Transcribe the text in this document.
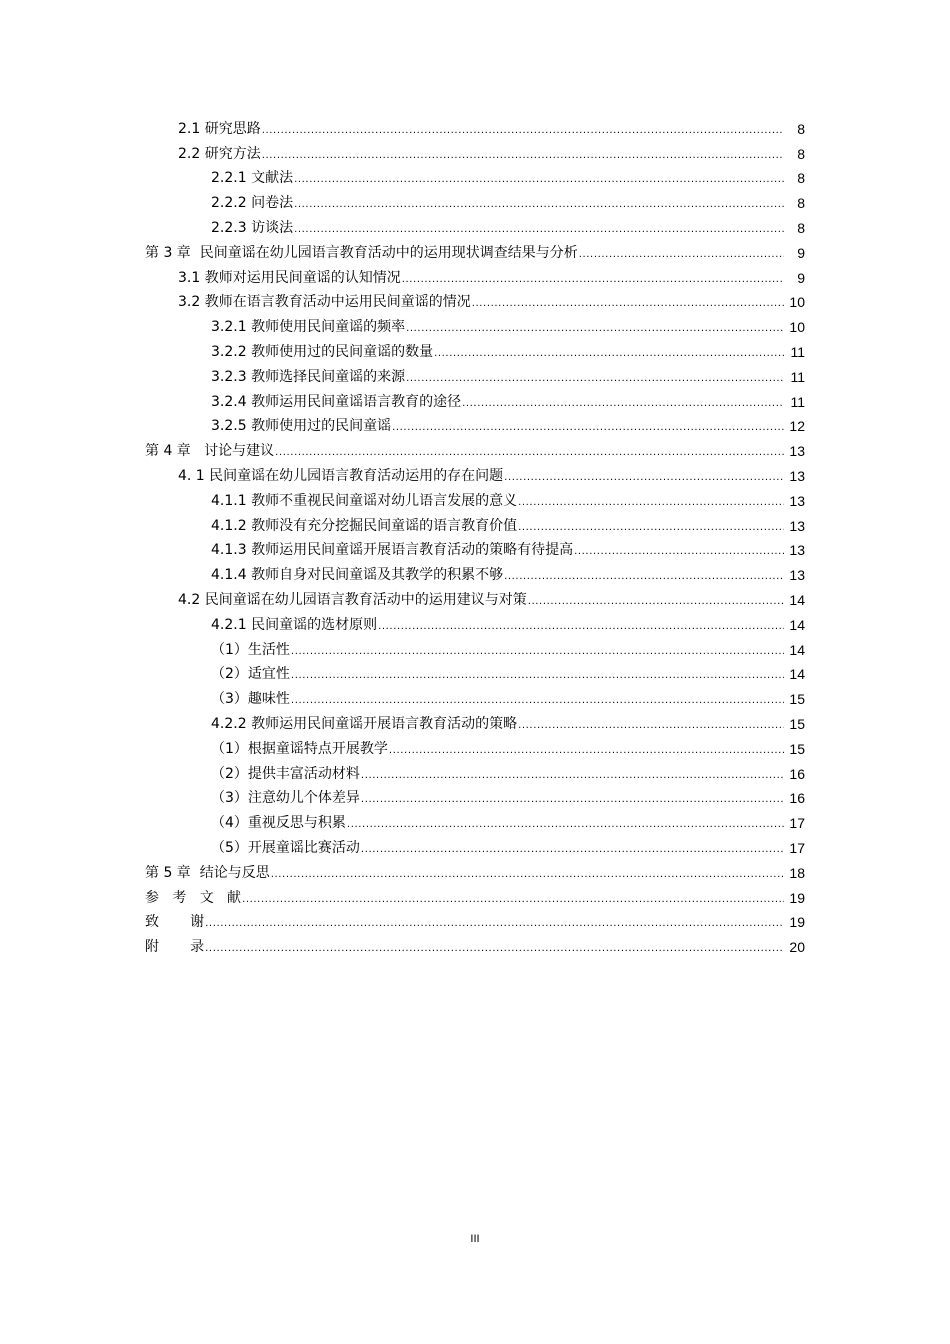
2.1 研究思路 .....	8
2.2 研究方法 .....	8
2.2.1 文献法 .....	8
2.2.2 问卷法 .....	8
2.2.3 访谈法 .....	8
第 3 章  民间童谣在幼儿园语言教育活动中的运用现状调查结果与分析 .....	9
3.1 教师对运用民间童谣的认知情况 .....	9
3.2 教师在语言教育活动中运用民间童谣的情况 .....	10
3.2.1 教师使用民间童谣的频率 .....	10
3.2.2 教师使用过的民间童谣的数量 .....	11
3.2.3 教师选择民间童谣的来源 .....	11
3.2.4 教师运用民间童谣语言教育的途径 .....	11
3.2.5 教师使用过的民间童谣 .....	12
第 4 章   讨论与建议 .....	13
4. 1 民间童谣在幼儿园语言教育活动运用的存在问题 .....	13
4.1.1 教师不重视民间童谣对幼儿语言发展的意义 .....	13
4.1.2 教师没有充分挖掘民间童谣的语言教育价值 .....	13
4.1.3 教师运用民间童谣开展语言教育活动的策略有待提高 .....	13
4.1.4 教师自身对民间童谣及其教学的积累不够 .....	13
4.2 民间童谣在幼儿园语言教育活动中的运用建议与对策 .....	14
4.2.1 民间童谣的选材原则 .....	14
（1）生活性 .....	14
（2）适宜性 .....	14
（3）趣味性 .....	15
4.2.2 教师运用民间童谣开展语言教育活动的策略 .....	15
（1）根据童谣特点开展教学 .....	15
（2）提供丰富活动材料 .....	16
（3）注意幼儿个体差异 .....	16
（4）重视反思与积累 .....	17
（5）开展童谣比赛活动 .....	17
第 5 章  结论与反思 .....	18
参   考   文   献 .....	19
致       谢 .....	19
附       录 .....	20
III
